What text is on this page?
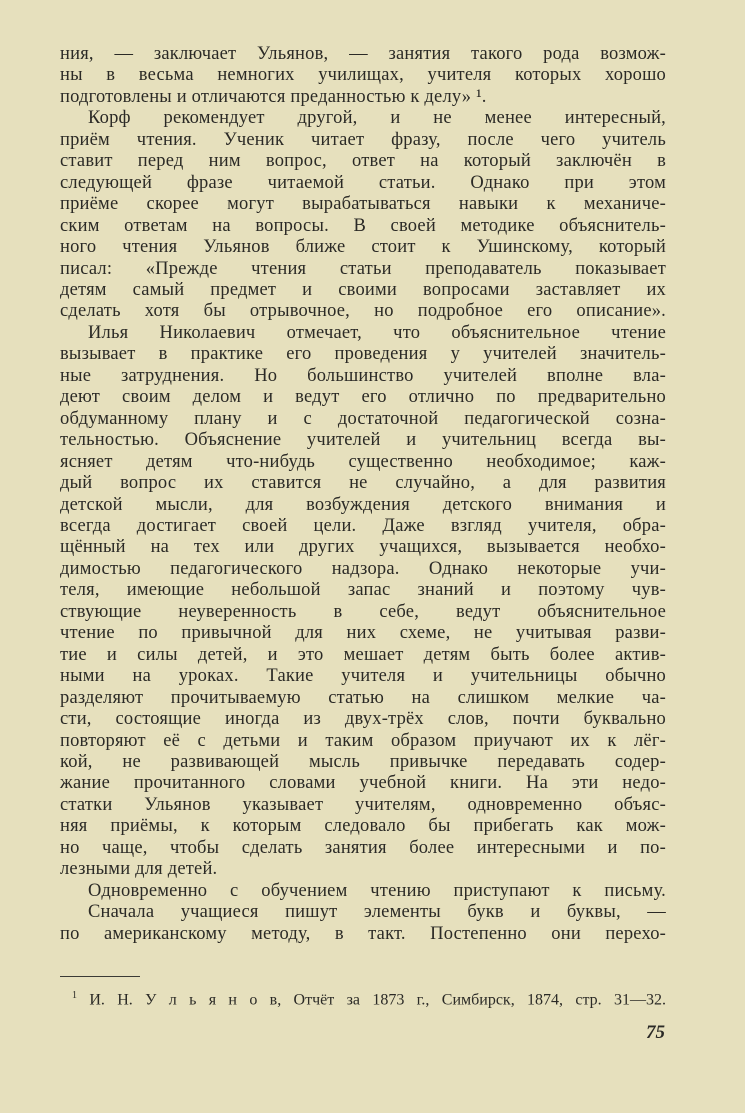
ния, — заключает Ульянов, — занятия такого рода возмож-
ны в весьма немногих училищах, учителя которых хорошо
подготовлены и отличаются преданностью к делу» ¹.
Корф рекомендует другой, и не менее интересный,
приём чтения. Ученик читает фразу, после чего учитель
ставит перед ним вопрос, ответ на который заключён в
следующей фразе читаемой статьи. Однако при этом
приёме скорее могут вырабатываться навыки к механиче-
ским ответам на вопросы. В своей методике объяснитель-
ного чтения Ульянов ближе стоит к Ушинскому, который
писал: «Прежде чтения статьи преподаватель показывает
детям самый предмет и своими вопросами заставляет их
сделать хотя бы отрывочное, но подробное его описание».
Илья Николаевич отмечает, что объяснительное чтение
вызывает в практике его проведения у учителей значитель-
ные затруднения. Но большинство учителей вполне вла-
деют своим делом и ведут его отлично по предварительно
обдуманному плану и с достаточной педагогической созна-
тельностью. Объяснение учителей и учительниц всегда вы-
ясняет детям что-нибудь существенно необходимое; каж-
дый вопрос их ставится не случайно, а для развития
детской мысли, для возбуждения детского внимания и
всегда достигает своей цели. Даже взгляд учителя, обра-
щённый на тех или других учащихся, вызывается необхо-
димостью педагогического надзора. Однако некоторые учи-
теля, имеющие небольшой запас знаний и поэтому чув-
ствующие неуверенность в себе, ведут объяснительное
чтение по привычной для них схеме, не учитывая разви-
тие и силы детей, и это мешает детям быть более актив-
ными на уроках. Такие учителя и учительницы обычно
разделяют прочитываемую статью на слишком мелкие ча-
сти, состоящие иногда из двух-трёх слов, почти буквально
повторяют её с детьми и таким образом приучают их к лёг-
кой, не развивающей мысль привычке передавать содер-
жание прочитанного словами учебной книги. На эти недо-
статки Ульянов указывает учителям, одновременно объяс-
няя приёмы, к которым следовало бы прибегать как мож-
но чаще, чтобы сделать занятия более интересными и по-
лезными для детей.
Одновременно с обучением чтению приступают к письму.
Сначала учащиеся пишут элементы букв и буквы, —
по американскому методу, в такт. Постепенно они перехо-
$^1$ И. Н. У л ь я н о в, Отчёт за 1873 г., Симбирск, 1874, стр. 31—32.
75
